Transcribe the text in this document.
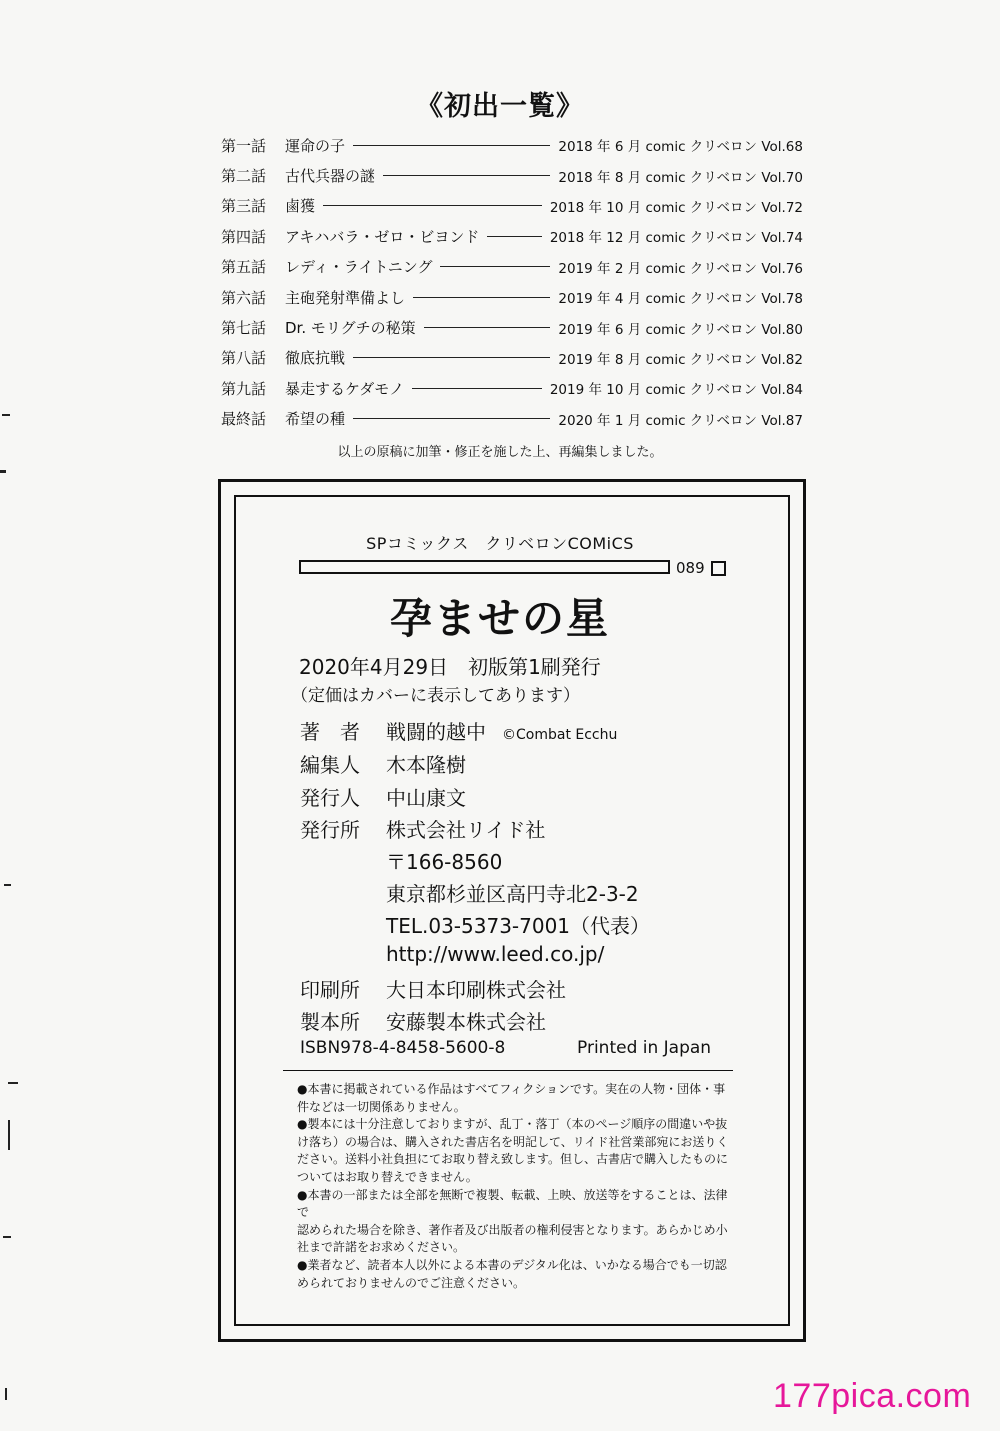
《初出一覧》
第一話	運命の子	2018 年 6 月 comic クリベロン Vol.68
第二話	古代兵器の謎	2018 年 8 月 comic クリベロン Vol.70
第三話	鹵獲	2018 年 10 月 comic クリベロン Vol.72
第四話	アキハバラ・ゼロ・ビヨンド	2018 年 12 月 comic クリベロン Vol.74
第五話	レディ・ライトニング	2019 年 2 月 comic クリベロン Vol.76
第六話	主砲発射準備よし	2019 年 4 月 comic クリベロン Vol.78
第七話	Dr. モリグチの秘策	2019 年 6 月 comic クリベロン Vol.80
第八話	徹底抗戦	2019 年 8 月 comic クリベロン Vol.82
第九話	暴走するケダモノ	2019 年 10 月 comic クリベロン Vol.84
最終話	希望の種	2020 年 1 月 comic クリベロン Vol.87
以上の原稿に加筆・修正を施した上、再編集しました。
SPコミックス　クリベロンCOMiCS
089
孕ませの星
2020年4月29日　初版第1刷発行
（定価はカバーに表示してあります）
著　者 戦闘的越中 ©Combat Ecchu
編集人 木本隆樹
発行人 中山康文
発行所 株式会社リイド社
〒166-8560
東京都杉並区高円寺北2-3-2
TEL.03-5373-7001（代表）
http://www.leed.co.jp/
印刷所 大日本印刷株式会社
製本所 安藤製本株式会社
ISBN978-4-8458-5600-8	Printed in Japan

●本書に掲載されている作品はすべてフィクションです。実在の人物・団体・事

件などは一切関係ありません。

●製本には十分注意しておりますが、乱丁・落丁（本のページ順序の間違いや抜

け落ち）の場合は、購入された書店名を明記して、リイド社営業部宛にお送りく

ださい。送料小社負担にてお取り替え致します。但し、古書店で購入したものに

ついてはお取り替えできません。

●本書の一部または全部を無断で複製、転載、上映、放送等をすることは、法律で

認められた場合を除き、著作者及び出版者の権利侵害となります。あらかじめ小

社まで許諾をお求めください。

●業者など、読者本人以外による本書のデジタル化は、いかなる場合でも一切認

められておりませんのでご注意ください。

177pica.com
